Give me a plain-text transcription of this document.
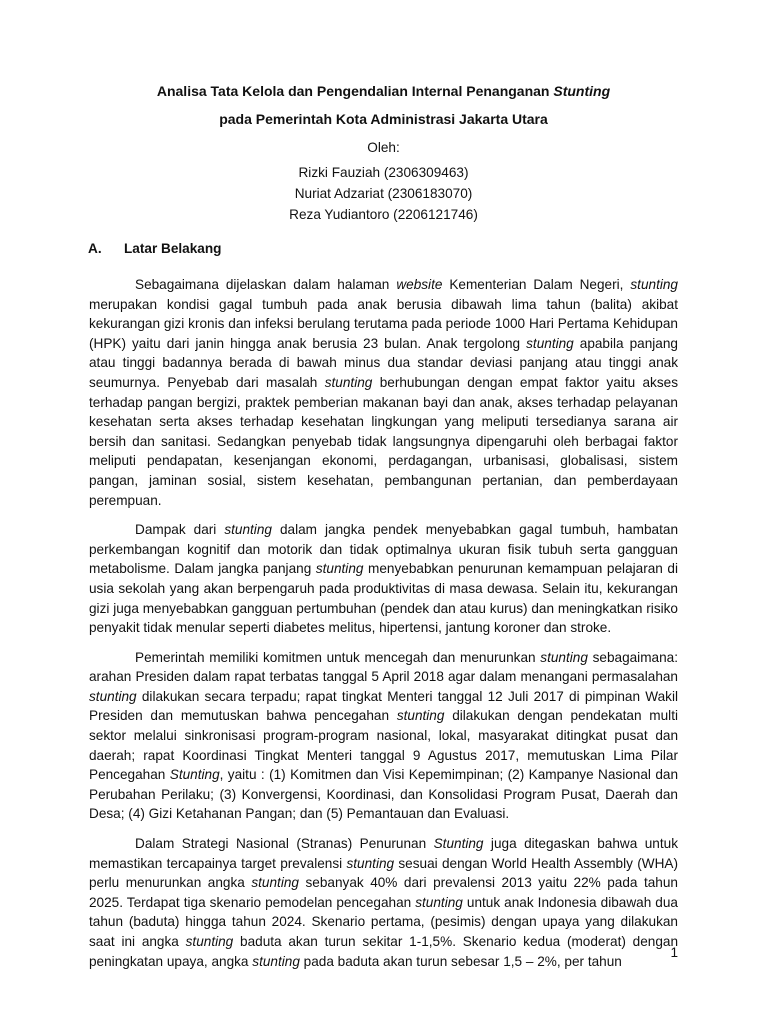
Analisa Tata Kelola dan Pengendalian Internal Penanganan Stunting
pada Pemerintah Kota Administrasi Jakarta Utara

Oleh:

Rizki Fauziah (2306309463)

Nuriat Adzariat (2306183070)

Reza Yudiantoro (2206121746)

A.	Latar Belakang

Sebagaimana dijelaskan dalam halaman website Kementerian Dalam Negeri, stunting merupakan kondisi gagal tumbuh pada anak berusia dibawah lima tahun (balita) akibat kekurangan gizi kronis dan infeksi berulang terutama pada periode 1000 Hari Pertama Kehidupan (HPK) yaitu dari janin hingga anak berusia 23 bulan. Anak tergolong stunting apabila panjang atau tinggi badannya berada di bawah minus dua standar deviasi panjang atau tinggi anak seumurnya. Penyebab dari masalah stunting berhubungan dengan empat faktor yaitu akses terhadap pangan bergizi, praktek pemberian makanan bayi dan anak, akses terhadap pelayanan kesehatan serta akses terhadap kesehatan lingkungan yang meliputi tersedianya sarana air bersih dan sanitasi. Sedangkan penyebab tidak langsungnya dipengaruhi oleh berbagai faktor meliputi pendapatan, kesenjangan ekonomi, perdagangan, urbanisasi, globalisasi, sistem pangan, jaminan sosial, sistem kesehatan, pembangunan pertanian, dan pemberdayaan perempuan.

Dampak dari stunting dalam jangka pendek menyebabkan gagal tumbuh, hambatan perkembangan kognitif dan motorik dan tidak optimalnya ukuran fisik tubuh serta gangguan metabolisme. Dalam jangka panjang stunting menyebabkan penurunan kemampuan pelajaran di usia sekolah yang akan berpengaruh pada produktivitas di masa dewasa. Selain itu, kekurangan gizi juga menyebabkan gangguan pertumbuhan (pendek dan atau kurus) dan meningkatkan risiko penyakit tidak menular seperti diabetes melitus, hipertensi, jantung koroner dan stroke.

Pemerintah memiliki komitmen untuk mencegah dan menurunkan stunting sebagaimana: arahan Presiden dalam rapat terbatas tanggal 5 April 2018 agar dalam menangani permasalahan stunting dilakukan secara terpadu; rapat tingkat Menteri tanggal 12 Juli 2017 di pimpinan Wakil Presiden dan memutuskan bahwa pencegahan stunting dilakukan dengan pendekatan multi sektor melalui sinkronisasi program-program nasional, lokal, masyarakat ditingkat pusat dan daerah; rapat Koordinasi Tingkat Menteri tanggal 9 Agustus 2017, memutuskan Lima Pilar Pencegahan Stunting, yaitu : (1) Komitmen dan Visi Kepemimpinan; (2) Kampanye Nasional dan Perubahan Perilaku; (3) Konvergensi, Koordinasi, dan Konsolidasi Program Pusat, Daerah dan Desa; (4) Gizi Ketahanan Pangan; dan (5) Pemantauan dan Evaluasi.

Dalam Strategi Nasional (Stranas) Penurunan Stunting juga ditegaskan bahwa untuk memastikan tercapainya target prevalensi stunting sesuai dengan World Health Assembly (WHA) perlu menurunkan angka stunting sebanyak 40% dari prevalensi 2013 yaitu 22% pada tahun 2025. Terdapat tiga skenario pemodelan pencegahan stunting untuk anak Indonesia dibawah dua tahun (baduta) hingga tahun 2024. Skenario pertama, (pesimis) dengan upaya yang dilakukan saat ini angka stunting baduta akan turun sekitar 1-1,5%. Skenario kedua (moderat) dengan peningkatan upaya, angka stunting pada baduta akan turun sebesar 1,5 – 2%, per tahun

1
